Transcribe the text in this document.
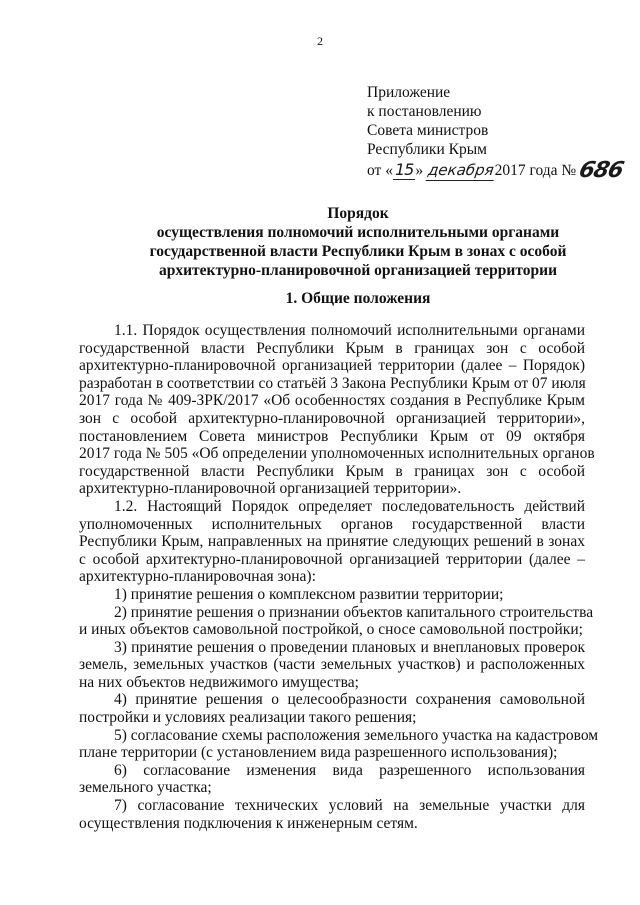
2
Приложение
к постановлению
Совета министров
Республики Крым
от « 15 » декабря2017 года № 686
Порядок
осуществления полномочий исполнительными органами
государственной власти Республики Крым в зонах с особой
архитектурно-планировочной организацией территории
1. Общие положения
1.1. Порядок осуществления полномочий исполнительными органами
государственной власти Республики Крым в границах зон с особой
архитектурно-планировочной организацией территории (далее – Порядок)
разработан в соответствии со статьёй 3 Закона Республики Крым от 07 июля
2017 года № 409-ЗРК/2017 «Об особенностях создания в Республике Крым
зон с особой архитектурно-планировочной организацией территории»,
постановлением Совета министров Республики Крым от 09 октября
2017 года № 505 «Об определении уполномоченных исполнительных органов
государственной власти Республики Крым в границах зон с особой
архитектурно-планировочной организацией территории».
1.2. Настоящий Порядок определяет последовательность действий
уполномоченных исполнительных органов государственной власти
Республики Крым, направленных на принятие следующих решений в зонах
с особой архитектурно-планировочной организацией территории (далее –
архитектурно-планировочная зона):
1) принятие решения о комплексном развитии территории;
2) принятие решения о признании объектов капитального строительства
и иных объектов самовольной постройкой, о сносе самовольной постройки;
3) принятие решения о проведении плановых и внеплановых проверок
земель, земельных участков (части земельных участков) и расположенных
на них объектов недвижимого имущества;
4) принятие решения о целесообразности сохранения самовольной
постройки и условиях реализации такого решения;
5) согласование схемы расположения земельного участка на кадастровом
плане территории (с установлением вида разрешенного использования);
6) согласование изменения вида разрешенного использования
земельного участка;
7) согласование технических условий на земельные участки для
осуществления подключения к инженерным сетям.
